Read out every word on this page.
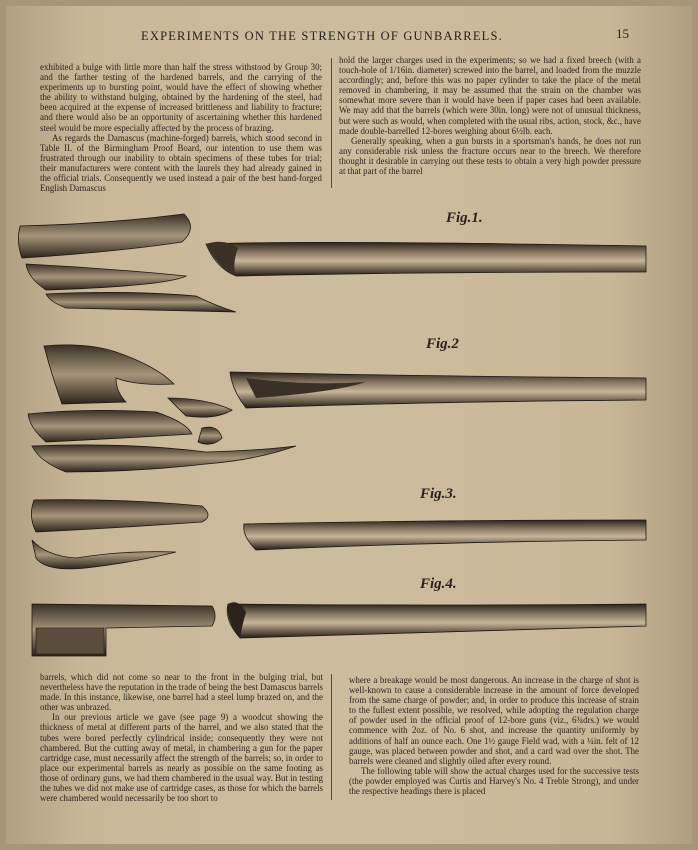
EXPERIMENTS ON THE STRENGTH OF GUNBARRELS.	15

exhibited a bulge with little more than half the stress withstood by Group 30; and the farther testing of the hardened barrels, and the carrying of the experiments up to bursting point, would have the effect of showing whether the ability to withstand bulging, obtained by the hardening of the steel, had been acquired at the expense of increased brittleness and liability to fracture; and there would also be an opportunity of ascertaining whether this hardened steel would be more especially affected by the process of brazing.

As regards the Damascus (machine-forged) barrels, which stood second in Table II. of the Birmingham Proof Board, our intention to use them was frustrated through our inability to obtain specimens of these tubes for trial; their manufacturers were content with the laurels they had already gained in the official trials. Consequently we used instead a pair of the best hand-forged English Damascus

hold the larger charges used in the experiments; so we had a fixed breech (with a touch-hole of 1/16in. diameter) screwed into the barrel, and loaded from the muzzle accordingly; and, before this was no paper cylinder to take the place of the metal removed in chambering, it may be assumed that the strain on the chamber was somewhat more severe than it would have been if paper cases had been available. We may add that the barrels (which were 30in. long) were not of unusual thickness, but were such as would, when completed with the usual ribs, action, stock, &c., have made double-barrelled 12-bores weighing about 6½lb. each.

Generally speaking, when a gun bursts in a sportsman's hands, he does not run any considerable risk unless the fracture occurs near to the breech. We therefore thought it desirable in carrying out these tests to obtain a very high powder pressure at that part of the barrel

Fig.1.
Fig.2
Fig.3.
Fig.4.

barrels, which did not come so near to the front in the bulging trial, but nevertheless have the reputation in the trade of being the best Damascus barrels made. In this instance, likewise, one barrel had a steel lump brazed on, and the other was unbrazed.

In our previous article we gave (see page 9) a woodcut showing the thickness of metal at different parts of the barrel, and we also stated that the tubes were bored perfectly cylindrical inside; consequently they were not chambered. But the cutting away of metal, in chambering a gun for the paper cartridge case, must necessarily affect the strength of the barrels; so, in order to place our experimental barrels as nearly as possible on the same footing as those of ordinary guns, we had them chambered in the usual way. But in testing the tubes we did not make use of cartridge cases, as those for which the barrels were chambered would necessarily be too short to

where a breakage would be most dangerous. An increase in the charge of shot is well-known to cause a considerable increase in the amount of force developed from the same charge of powder; and, in order to produce this increase of strain to the fullest extent possible, we resolved, while adopting the regulation charge of powder used in the official proof of 12-bore guns (viz., 6¾drs.) we would commence with 2oz. of No. 6 shot, and increase the quantity uniformly by additions of half an ounce each. One 1½ gauge Field wad, with a ¼in. felt of 12 gauge, was placed between powder and shot, and a card wad over the shot. The barrels were cleaned and slightly oiled after every round.

The following table will show the actual charges used for the successive tests (the powder employed was Curtis and Harvey's No. 4 Treble Strong), and under the respective headings there is placed
